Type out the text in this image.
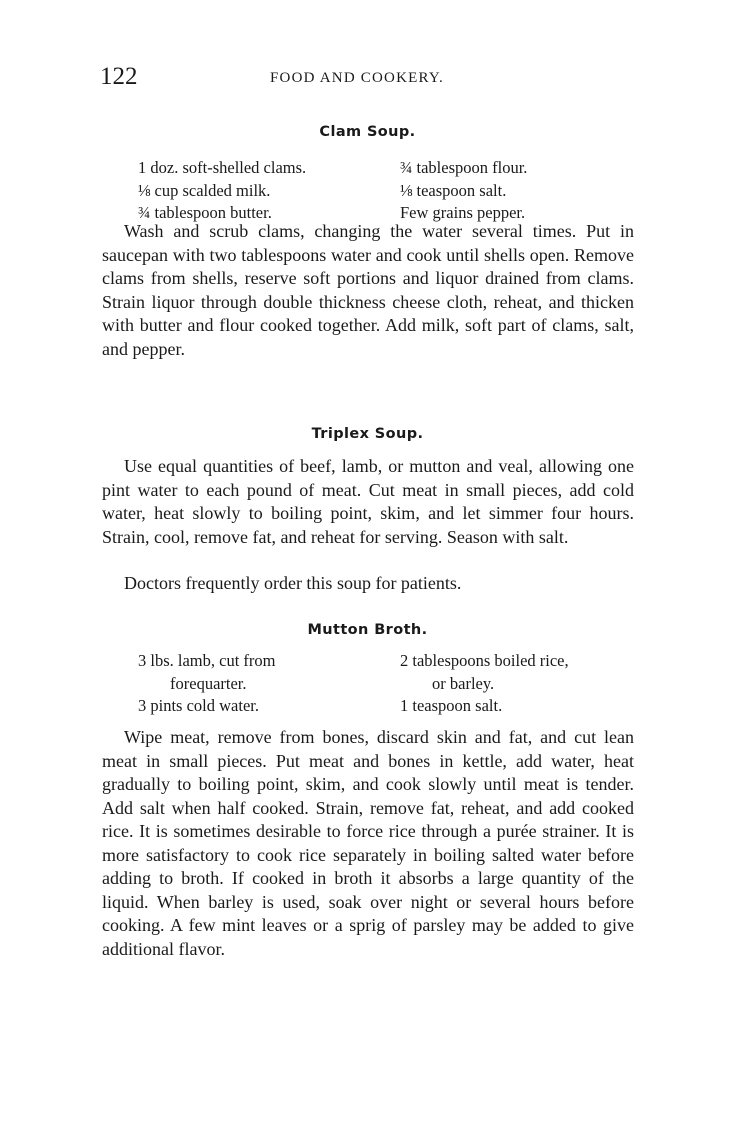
122	FOOD AND COOKERY.
Clam Soup.
1 doz. soft-shelled clams.
⅛ cup scalded milk.
¾ tablespoon butter.
¾ tablespoon flour.
⅛ teaspoon salt.
Few grains pepper.

Wash and scrub clams, changing the water several times. Put in saucepan with two tablespoons water and cook until shells open. Remove clams from shells, reserve soft portions and liquor drained from clams. Strain liquor through double thickness cheese cloth, reheat, and thicken with butter and flour cooked together. Add milk, soft part of clams, salt, and pepper.

Triplex Soup.

Use equal quantities of beef, lamb, or mutton and veal, allowing one pint water to each pound of meat. Cut meat in small pieces, add cold water, heat slowly to boiling point, skim, and let simmer four hours. Strain, cool, remove fat, and reheat for serving. Season with salt.

Doctors frequently order this soup for patients.

Mutton Broth.
3 lbs. lamb, cut from
forequarter.
3 pints cold water.
2 tablespoons boiled rice,
or barley.
1 teaspoon salt.

Wipe meat, remove from bones, discard skin and fat, and cut lean meat in small pieces. Put meat and bones in kettle, add water, heat gradually to boiling point, skim, and cook slowly until meat is tender. Add salt when half cooked. Strain, remove fat, reheat, and add cooked rice. It is sometimes desirable to force rice through a purée strainer. It is more satisfactory to cook rice separately in boiling salted water before adding to broth. If cooked in broth it absorbs a large quantity of the liquid. When barley is used, soak over night or several hours before cooking. A few mint leaves or a sprig of parsley may be added to give additional flavor.
